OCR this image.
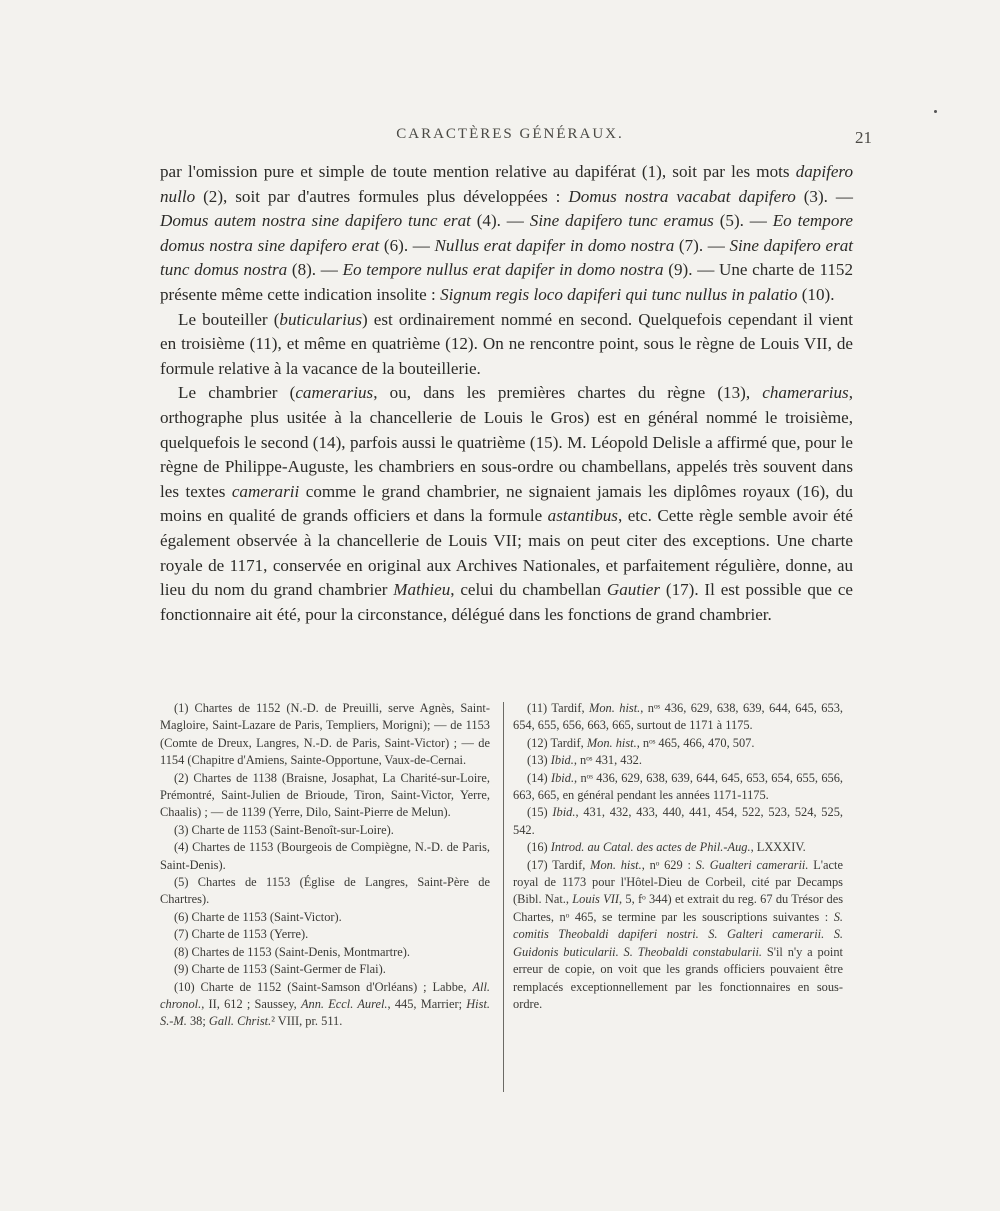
CARACTÈRES GÉNÉRAUX.	21

par l'omission pure et simple de toute mention relative au dapiférat (1), soit par les mots dapifero nullo (2), soit par d'autres formules plus développées : Domus nostra vacabat dapifero (3). — Domus autem nostra sine dapifero tunc erat (4). — Sine dapifero tunc eramus (5). — Eo tempore domus nostra sine dapifero erat (6). — Nullus erat dapifer in domo nostra (7). — Sine dapifero erat tunc domus nostra (8). — Eo tempore nullus erat dapifer in domo nostra (9). — Une charte de 1152 présente même cette indication insolite : Signum regis loco dapiferi qui tunc nullus in palatio (10).

Le bouteiller (buticularius) est ordinairement nommé en second. Quelquefois cependant il vient en troisième (11), et même en quatrième (12). On ne rencontre point, sous le règne de Louis VII, de formule relative à la vacance de la bouteillerie.

Le chambrier (camerarius, ou, dans les premières chartes du règne (13), chamerarius, orthographe plus usitée à la chancellerie de Louis le Gros) est en général nommé le troisième, quelquefois le second (14), parfois aussi le quatrième (15). M. Léopold Delisle a affirmé que, pour le règne de Philippe-Auguste, les chambriers en sous-ordre ou chambellans, appelés très souvent dans les textes camerarii comme le grand chambrier, ne signaient jamais les diplômes royaux (16), du moins en qualité de grands officiers et dans la formule astantibus, etc. Cette règle semble avoir été également observée à la chancellerie de Louis VII; mais on peut citer des exceptions. Une charte royale de 1171, conservée en original aux Archives Nationales, et parfaitement régulière, donne, au lieu du nom du grand chambrier Mathieu, celui du chambellan Gautier (17). Il est possible que ce fonctionnaire ait été, pour la circonstance, délégué dans les fonctions de grand chambrier.

(1) Chartes de 1152 (N.-D. de Preuilli, serve Agnès, Saint-Magloire, Saint-Lazare de Paris, Templiers, Morigni); — de 1153 (Comte de Dreux, Langres, N.-D. de Paris, Saint-Victor) ; — de 1154 (Chapitre d'Amiens, Sainte-Opportune, Vaux-de-Cernai.

(2) Chartes de 1138 (Braisne, Josaphat, La Charité-sur-Loire, Prémontré, Saint-Julien de Brioude, Tiron, Saint-Victor, Yerre, Chaalis) ; — de 1139 (Yerre, Dilo, Saint-Pierre de Melun).

(3) Charte de 1153 (Saint-Benoît-sur-Loire).

(4) Chartes de 1153 (Bourgeois de Compiègne, N.-D. de Paris, Saint-Denis).

(5) Chartes de 1153 (Église de Langres, Saint-Père de Chartres).

(6) Charte de 1153 (Saint-Victor).

(7) Charte de 1153 (Yerre).

(8) Chartes de 1153 (Saint-Denis, Montmartre).

(9) Charte de 1153 (Saint-Germer de Flai).

(10) Charte de 1152 (Saint-Samson d'Orléans) ; Labbe, All. chronol., II, 612 ; Saussey, Ann. Eccl. Aurel., 445, Marrier; Hist. S.-M. 38; Gall. Christ.² VIII, pr. 511.

(11) Tardif, Mon. hist., nᵒˢ 436, 629, 638, 639, 644, 645, 653, 654, 655, 656, 663, 665, surtout de 1171 à 1175.

(12) Tardif, Mon. hist., nᵒˢ 465, 466, 470, 507.

(13) Ibid., nᵒˢ 431, 432.

(14) Ibid., nᵒˢ 436, 629, 638, 639, 644, 645, 653, 654, 655, 656, 663, 665, en général pendant les années 1171-1175.

(15) Ibid., 431, 432, 433, 440, 441, 454, 522, 523, 524, 525, 542.

(16) Introd. au Catal. des actes de Phil.-Aug., LXXXIV.

(17) Tardif, Mon. hist., nᵒ 629 : S. Gualteri camerarii. L'acte royal de 1173 pour l'Hôtel-Dieu de Corbeil, cité par Decamps (Bibl. Nat., Louis VII, 5, fᵒ 344) et extrait du reg. 67 du Trésor des Chartes, nᵒ 465, se termine par les souscriptions suivantes : S. comitis Theobaldi dapiferi nostri. S. Galteri camerarii. S. Guidonis buticularii. S. Theobaldi constabularii. S'il n'y a point erreur de copie, on voit que les grands officiers pouvaient être remplacés exceptionnellement par les fonctionnaires en sous-ordre.
